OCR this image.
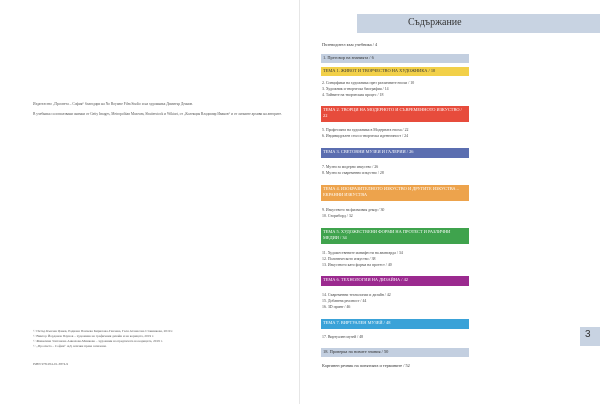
Издателство „Просвета – София“ благодари на No Boyame Film Studio и на художника Димитър Деянов.

В учебника са използвани снимки от Getty Images, Metropolitan Museum, Shutterstock и Wikiart, от „Колекция Владимир Иванов“ и от личните архиви на авторите.

© Петър Кънчев Цанев, Радиана Панчева Кирилова-Ганчева, Галя Атанасова Ставинкова, 2019 г.
© Виктор Йорданов Паунов – художник на графичния дизайн и на корицата, 2019 г.
© Живелина Златанова Анкахова-Минкова – художник на предпечата на корицата, 2019 г.
© „Просвета – София“ АД, всички права запазени.
ISBN 978-954-01-3874-9
Съдържание
Пътеводител към учебника / 4
1. Преговор на знанията / 6
ТЕМА 1. ЖИВОТ И ТВОРЧЕСТВО НА ХУДОЖНИКА / 10
2. Специфики на художника през различните епохи / 10
3. Художник и творческа биография / 14
4. Тайните на творческия процес / 18
ТЕМА 2. ТВОРЦИ НА МОДЕРНОТО И СЪВРЕМЕННОТО ИЗКУСТВО / 22
5. Професията на художника в Модерната епоха / 22
6. Индивидуален стил и творческа идентичност / 24
ТЕМА 3. СВЕТОВНИ МУЗЕИ И ГАЛЕРИИ / 26
7. Музеи за модерно изкуство / 26
8. Музеи за съвременно изкуство / 28
ТЕМА 4. ИЗОБРАЗИТЕЛНОТО ИЗКУСТВО И ДРУГИТЕ ИЗКУСТВА – ЕКРАННИ ИЗКУСТВА
9. Изкуството на филмовия декор / 30
10. Сториборд / 32
ТЕМА 5. ХУДОЖЕСТВЕНИ ФОРМИ НА ПРОТЕСТ И РАЗЛИЧНИ МЕДИИ / 34
11. Художествените манифести на авангарда / 34
12. Политическото изкуство / 38
13. Изкуството като форма на протест / 40
ТЕМА 6. ТЕХНОЛОГИИ НА ДИЗАЙНА / 42
14. Съвременни технологии и дизайн / 42
15. Добавена реалност / 44
16. 3D принт / 46
ТЕМА 7. ВИРТУАЛЕН МУЗЕЙ / 48
17. Виртуален музей / 48
18. Проверка на новите знания / 50
Картинен речник на понятията и термините / 52
3
